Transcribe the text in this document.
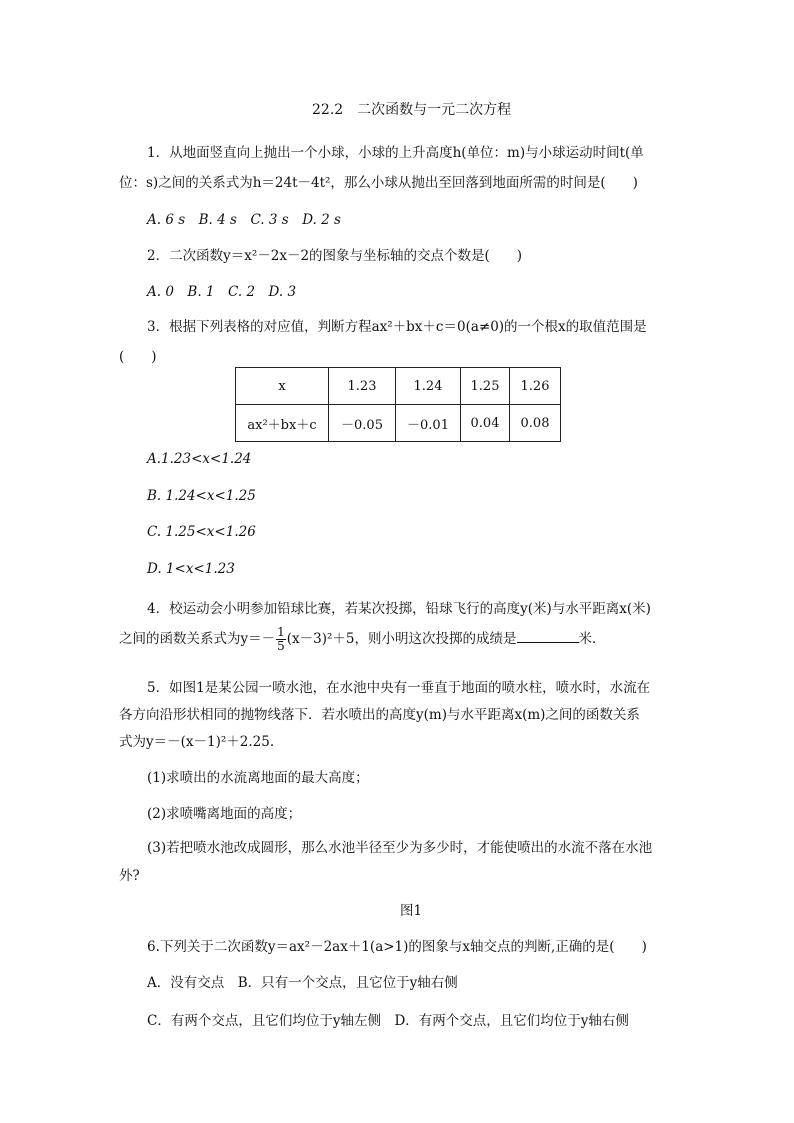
22.2　二次函数与一元二次方程
1．从地面竖直向上抛出一个小球，小球的上升高度h(单位：m)与小球运动时间t(单
位：s)之间的关系式为h＝24t－4t²，那么小球从抛出至回落到地面所需的时间是(　　)
A. 6 s　B. 4 s　C. 3 s　D. 2 s
2．二次函数y＝x²－2x－2的图象与坐标轴的交点个数是(　　)
A. 0　B. 1　C. 2　D. 3
3．根据下列表格的对应值，判断方程ax²＋bx＋c＝0(a≠0)的一个根x的取值范围是
(　　)
x	1.23	1.24	1.25	1.26
ax²＋bx＋c	－0.05	－0.01	0.04	0.08
A.1.23<x<1.24
B. 1.24<x<1.25
C. 1.25<x<1.26
D. 1<x<1.23
4．校运动会小明参加铅球比赛，若某次投掷，铅球飞行的高度y(米)与水平距离x(米)
之间的函数关系式为$y=- \frac{1}{5} (x-3)^2+5$，则小明这次投掷的成绩是	米．
5．如图1是某公园一喷水池，在水池中央有一垂直于地面的喷水柱，喷水时，水流在
各方向沿形状相同的抛物线落下．若水喷出的高度y(m)与水平距离x(m)之间的函数关系
式为y＝－(x－1)²＋2.25.
(1)求喷出的水流离地面的最大高度；
(2)求喷嘴离地面的高度；
(3)若把喷水池改成圆形，那么水池半径至少为多少时，才能使喷出的水流不落在水池
外?
图1
6.下列关于二次函数y＝ax²－2ax＋1(a>1)的图象与x轴交点的判断,正确的是(　　)
A．没有交点　B．只有一个交点，且它位于y轴右侧
C．有两个交点，且它们均位于y轴左侧　D．有两个交点，且它们均位于y轴右侧
